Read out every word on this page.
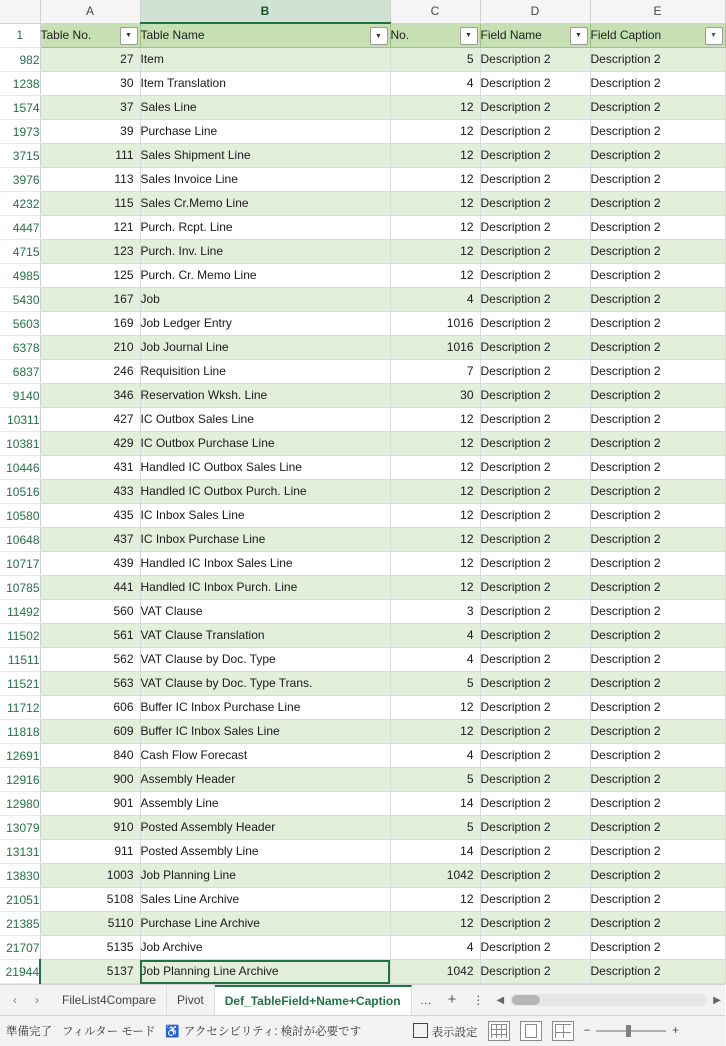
	A	B	C	D	E
1	Table No. ▼	Table Name ▼	No. ▼	Field Name ▼	Field Caption ▼

982	27	Item	5	Description 2	Description 2
1238	30	Item Translation	4	Description 2	Description 2
1574	37	Sales Line	12	Description 2	Description 2
1973	39	Purchase Line	12	Description 2	Description 2
3715	111	Sales Shipment Line	12	Description 2	Description 2
3976	113	Sales Invoice Line	12	Description 2	Description 2
4232	115	Sales Cr.Memo Line	12	Description 2	Description 2
4447	121	Purch. Rcpt. Line	12	Description 2	Description 2
4715	123	Purch. Inv. Line	12	Description 2	Description 2
4985	125	Purch. Cr. Memo Line	12	Description 2	Description 2
5430	167	Job	4	Description 2	Description 2
5603	169	Job Ledger Entry	1016	Description 2	Description 2
6378	210	Job Journal Line	1016	Description 2	Description 2
6837	246	Requisition Line	7	Description 2	Description 2
9140	346	Reservation Wksh. Line	30	Description 2	Description 2
10311	427	IC Outbox Sales Line	12	Description 2	Description 2
10381	429	IC Outbox Purchase Line	12	Description 2	Description 2
10446	431	Handled IC Outbox Sales Line	12	Description 2	Description 2
10516	433	Handled IC Outbox Purch. Line	12	Description 2	Description 2
10580	435	IC Inbox Sales Line	12	Description 2	Description 2
10648	437	IC Inbox Purchase Line	12	Description 2	Description 2
10717	439	Handled IC Inbox Sales Line	12	Description 2	Description 2
10785	441	Handled IC Inbox Purch. Line	12	Description 2	Description 2
11492	560	VAT Clause	3	Description 2	Description 2
11502	561	VAT Clause Translation	4	Description 2	Description 2
11511	562	VAT Clause by Doc. Type	4	Description 2	Description 2
11521	563	VAT Clause by Doc. Type Trans.	5	Description 2	Description 2
11712	606	Buffer IC Inbox Purchase Line	12	Description 2	Description 2
11818	609	Buffer IC Inbox Sales Line	12	Description 2	Description 2
12691	840	Cash Flow Forecast	4	Description 2	Description 2
12916	900	Assembly Header	5	Description 2	Description 2
12980	901	Assembly Line	14	Description 2	Description 2
13079	910	Posted Assembly Header	5	Description 2	Description 2
13131	911	Posted Assembly Line	14	Description 2	Description 2
13830	1003	Job Planning Line	1042	Description 2	Description 2
21051	5108	Sales Line Archive	12	Description 2	Description 2
21385	5110	Purchase Line Archive	12	Description 2	Description 2
21707	5135	Job Archive	4	Description 2	Description 2
21944	5137	Job Planning Line Archive	1042	Description 2	Description 2
‹	›	FileList4Compare	Pivot	Def_TableField+Name+Caption	…	+	⋮	◀	▶
準備完了 フィルター モード ♿ アクセシビリティ: 検討が必要です	表示設定	−	+
